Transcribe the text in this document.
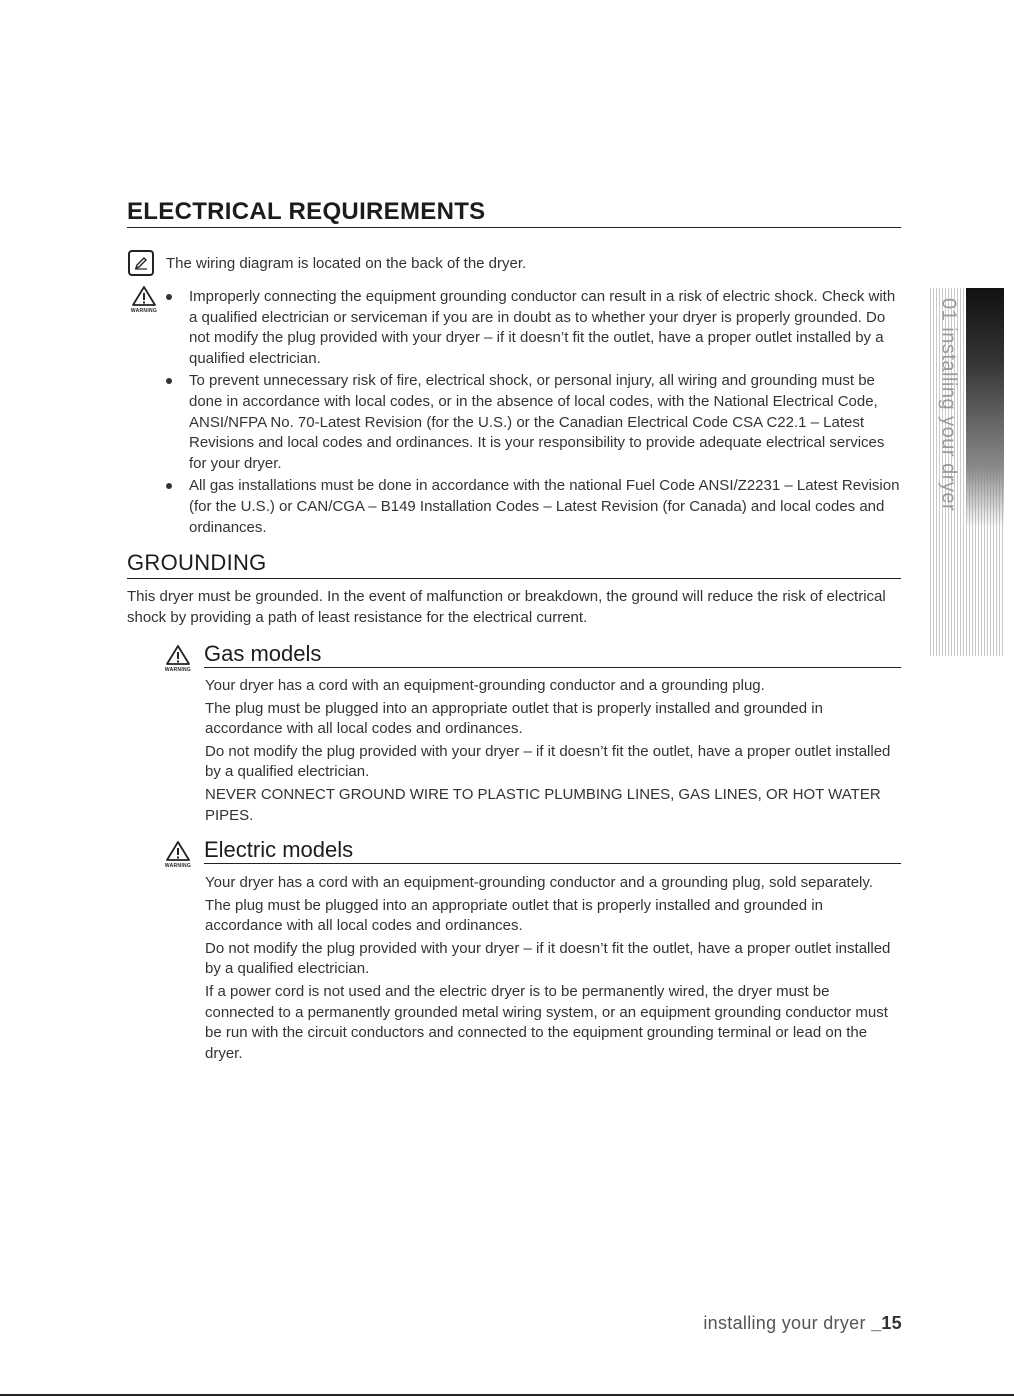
ELECTRICAL REQUIREMENTS
The wiring diagram is located on the back of the dryer.
WARNING
Improperly connecting the equipment grounding conductor can result in a risk of electric shock. Check with a qualified electrician or serviceman if you are in doubt as to whether your dryer is properly grounded. Do not modify the plug provided with your dryer – if it doesn’t fit the outlet, have a proper outlet installed by a qualified electrician.
To prevent unnecessary risk of fire, electrical shock, or personal injury, all wiring and grounding must be done in accordance with local codes, or in the absence of local codes, with the National Electrical Code, ANSI/NFPA No. 70-Latest Revision (for the U.S.) or the Canadian Electrical Code CSA C22.1 – Latest Revisions and local codes and ordinances. It is your responsibility to provide adequate electrical services for your dryer.
All gas installations must be done in accordance with the national Fuel Code ANSI/Z2231 – Latest Revision (for the U.S.) or CAN/CGA – B149 Installation Codes – Latest Revision (for Canada) and local codes and ordinances.
GROUNDING

This dryer must be grounded. In the event of malfunction or breakdown, the ground will reduce the risk of electrical shock by providing a path of least resistance for the electrical current.

WARNING
Gas models

Your dryer has a cord with an equipment-grounding conductor and a grounding plug.

The plug must be plugged into an appropriate outlet that is properly installed and grounded in accordance with all local codes and ordinances.

Do not modify the plug provided with your dryer – if it doesn’t fit the outlet, have a proper outlet installed by a qualified electrician.

NEVER CONNECT GROUND WIRE TO PLASTIC PLUMBING LINES, GAS LINES, OR HOT WATER PIPES.

WARNING
Electric models

Your dryer has a cord with an equipment-grounding conductor and a grounding plug, sold separately.

The plug must be plugged into an appropriate outlet that is properly installed and grounded in accordance with all local codes and ordinances.

Do not modify the plug provided with your dryer – if it doesn’t fit the outlet, have a proper outlet installed by a qualified electrician.

If a power cord is not used and the electric dryer is to be permanently wired, the dryer must be connected to a permanently grounded metal wiring system, or an equipment grounding conductor must be run with the circuit conductors and connected to the equipment grounding terminal or lead on the dryer.

01 installing your dryer
installing your dryer _15
